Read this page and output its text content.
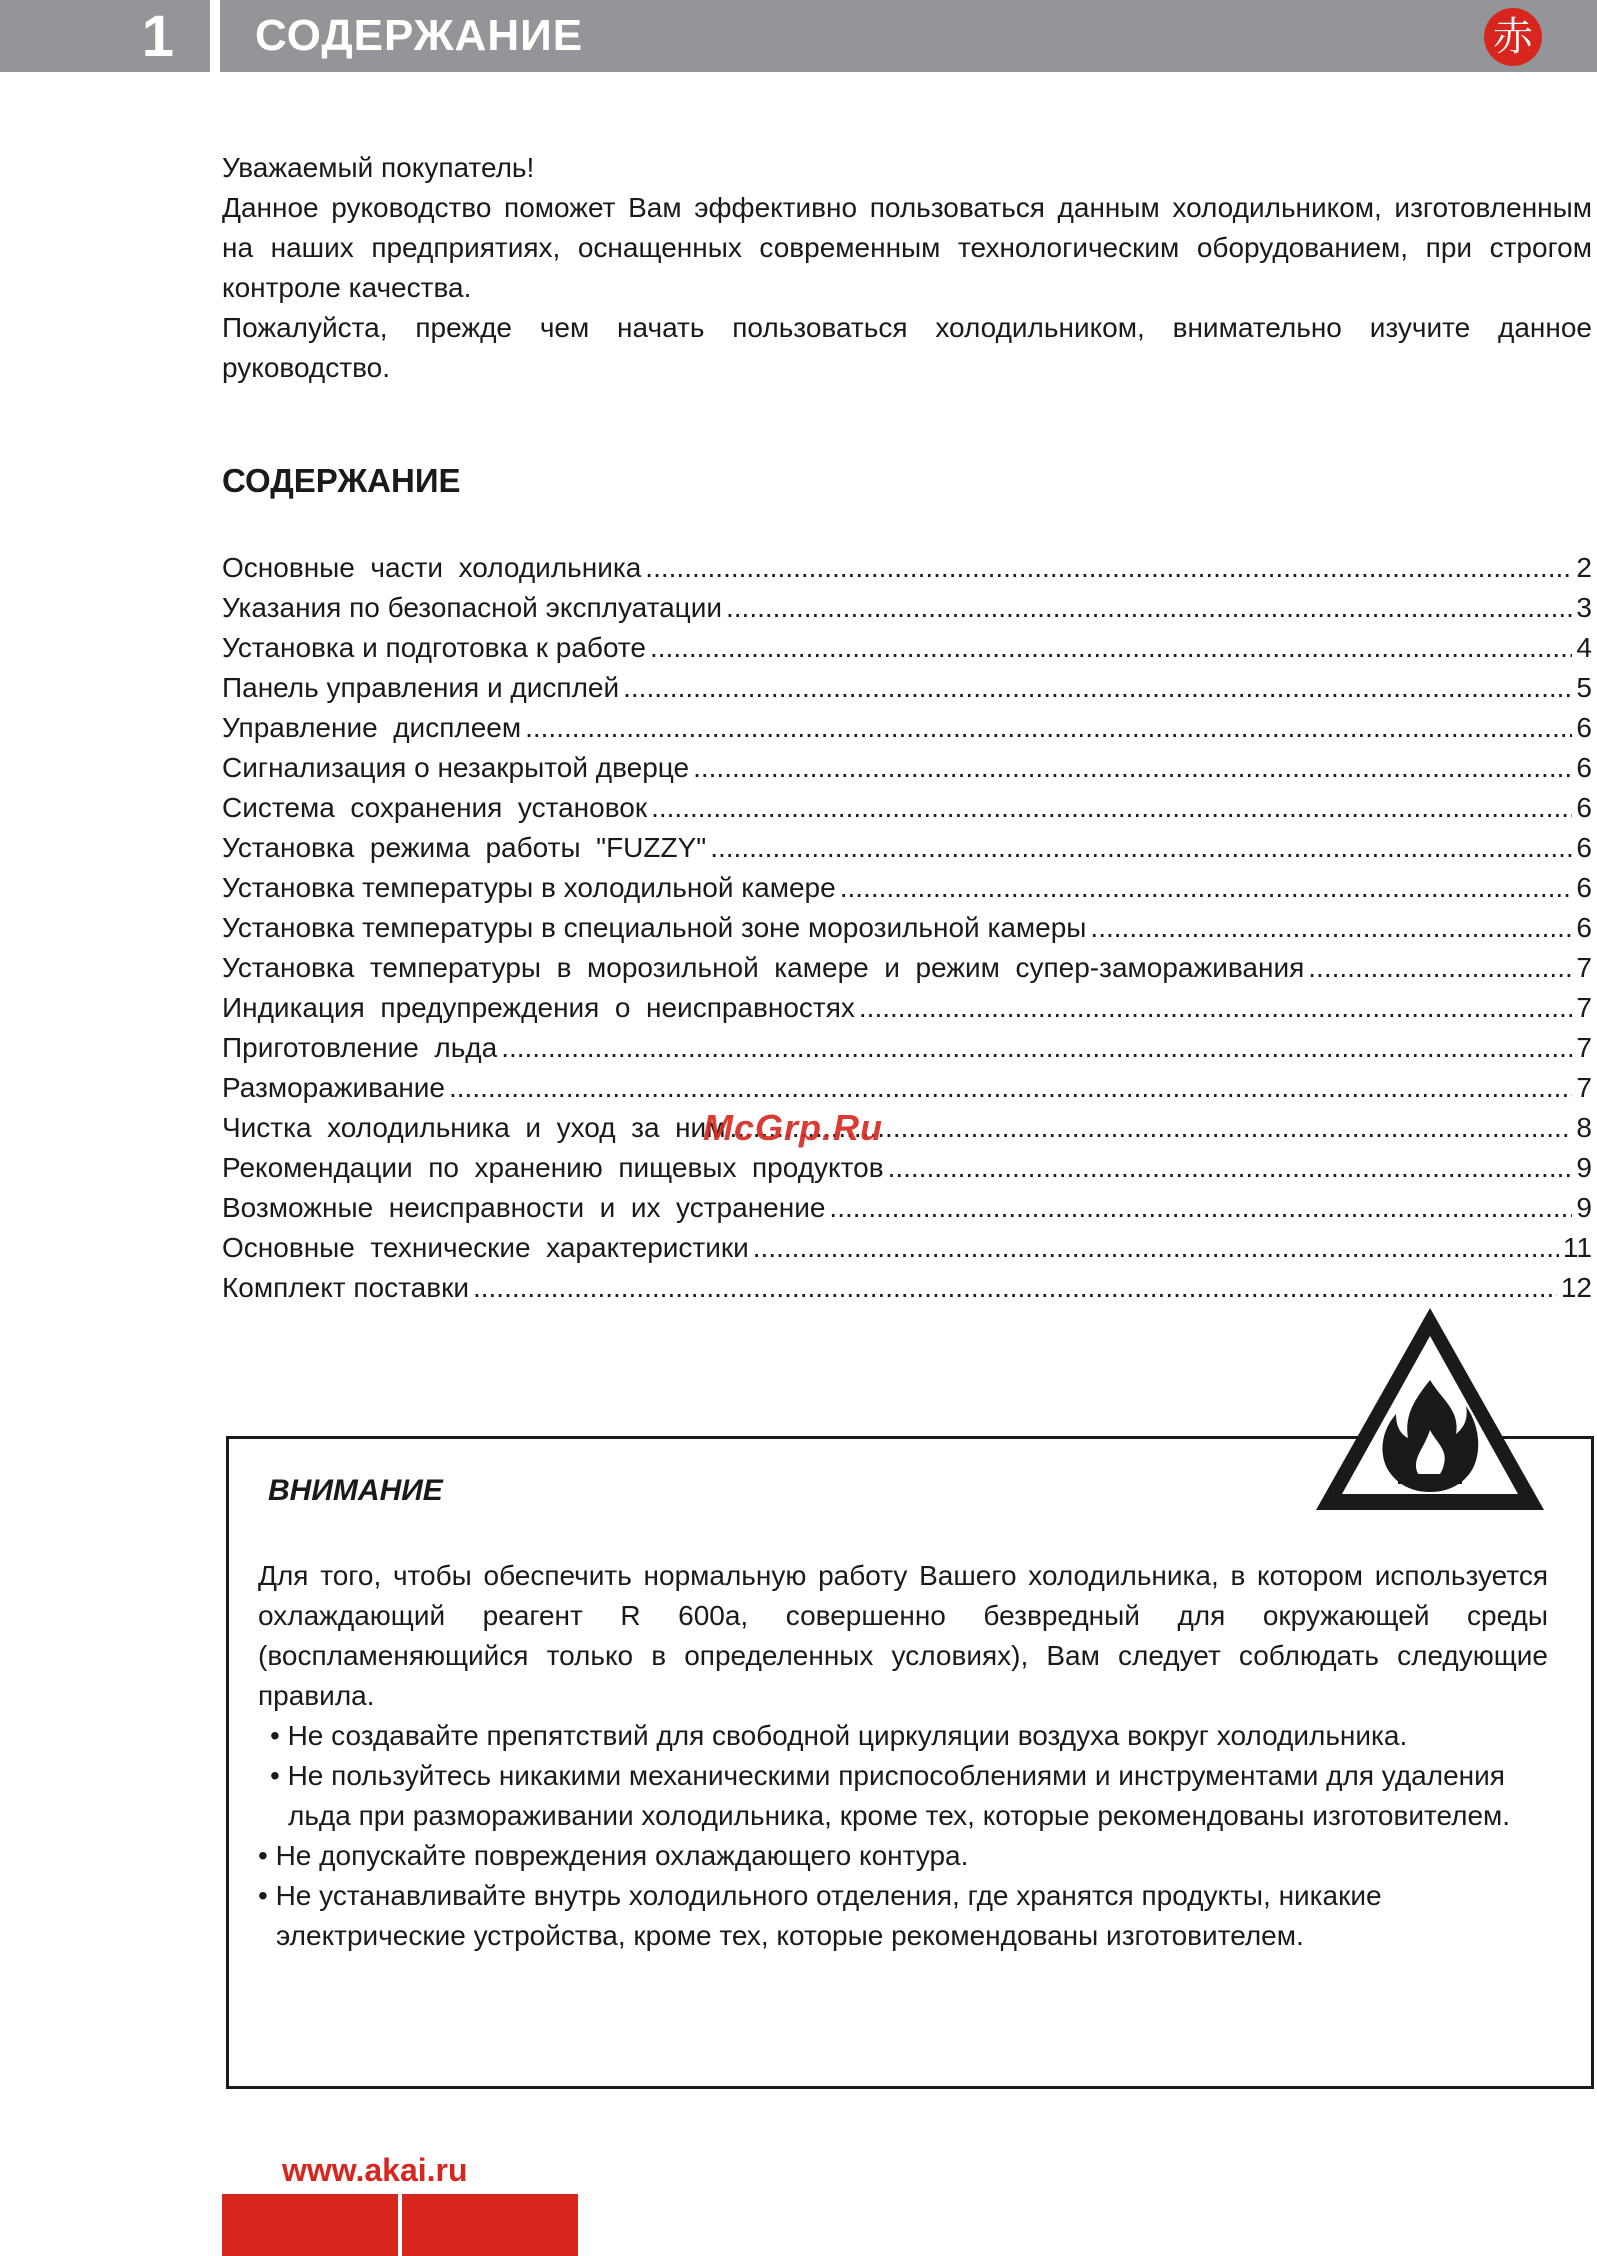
1	СОДЕРЖАНИЕ	赤

Уважаемый покупатель!

Данное руководство поможет Вам эффективно пользоваться данным холодильником, изготовленным на наших предприятиях, оснащенных современным технологическим оборудованием, при строгом контроле качества.

Пожалуйста, прежде чем начать пользоваться холодильником, внимательно изучите данное руководство.

СОДЕРЖАНИЕ
Основные  части  холодильника .....	2
Указания по безопасной эксплуатации .....	3
Установка и подготовка к работе .....	4
Панель управления и дисплей .....	5
Управление  дисплеем .....	6
Сигнализация о незакрытой дверце .....	6
Система  сохранения  установок .....	6
Установка  режима  работы  "FUZZY" .....	6
Установка температуры в холодильной камере .....	6
Установка температуры в специальной зоне морозильной камеры .....	6
Установка  температуры  в  морозильной  камере  и  режим  супер-замораживания .....	7
Индикация  предупреждения  о  неисправностях .....	7
Приготовление  льда .....	7
Размораживание .....	7
Чистка  холодильника  и  уход  за  ним .....	8
Рекомендации  по  хранению  пищевых  продуктов .....	9
Возможные  неисправности  и  их  устранение .....	9
Основные  технические  характеристики .....	11
Комплект поставки .....	12
McGrp.Ru
ВНИМАНИЕ

Для того, чтобы обеспечить нормальную работу Вашего холодильника, в котором используется охлаждающий реагент R 600a, совершенно безвредный для окружающей среды (воспламеняющийся только в определенных условиях), Вам следует соблюдать следующие правила.

• Не создавайте препятствий для свободной циркуляции воздуха вокруг холодильника.

• Не пользуйтесь никакими механическими приспособлениями и инструментами для удаления льда при размораживании холодильника, кроме тех, которые рекомендованы изготовителем.

• Не допускайте повреждения охлаждающего контура.

• Не устанавливайте внутрь холодильного отделения, где хранятся продукты, никакие электрические устройства, кроме тех, которые рекомендованы изготовителем.

www.akai.ru
